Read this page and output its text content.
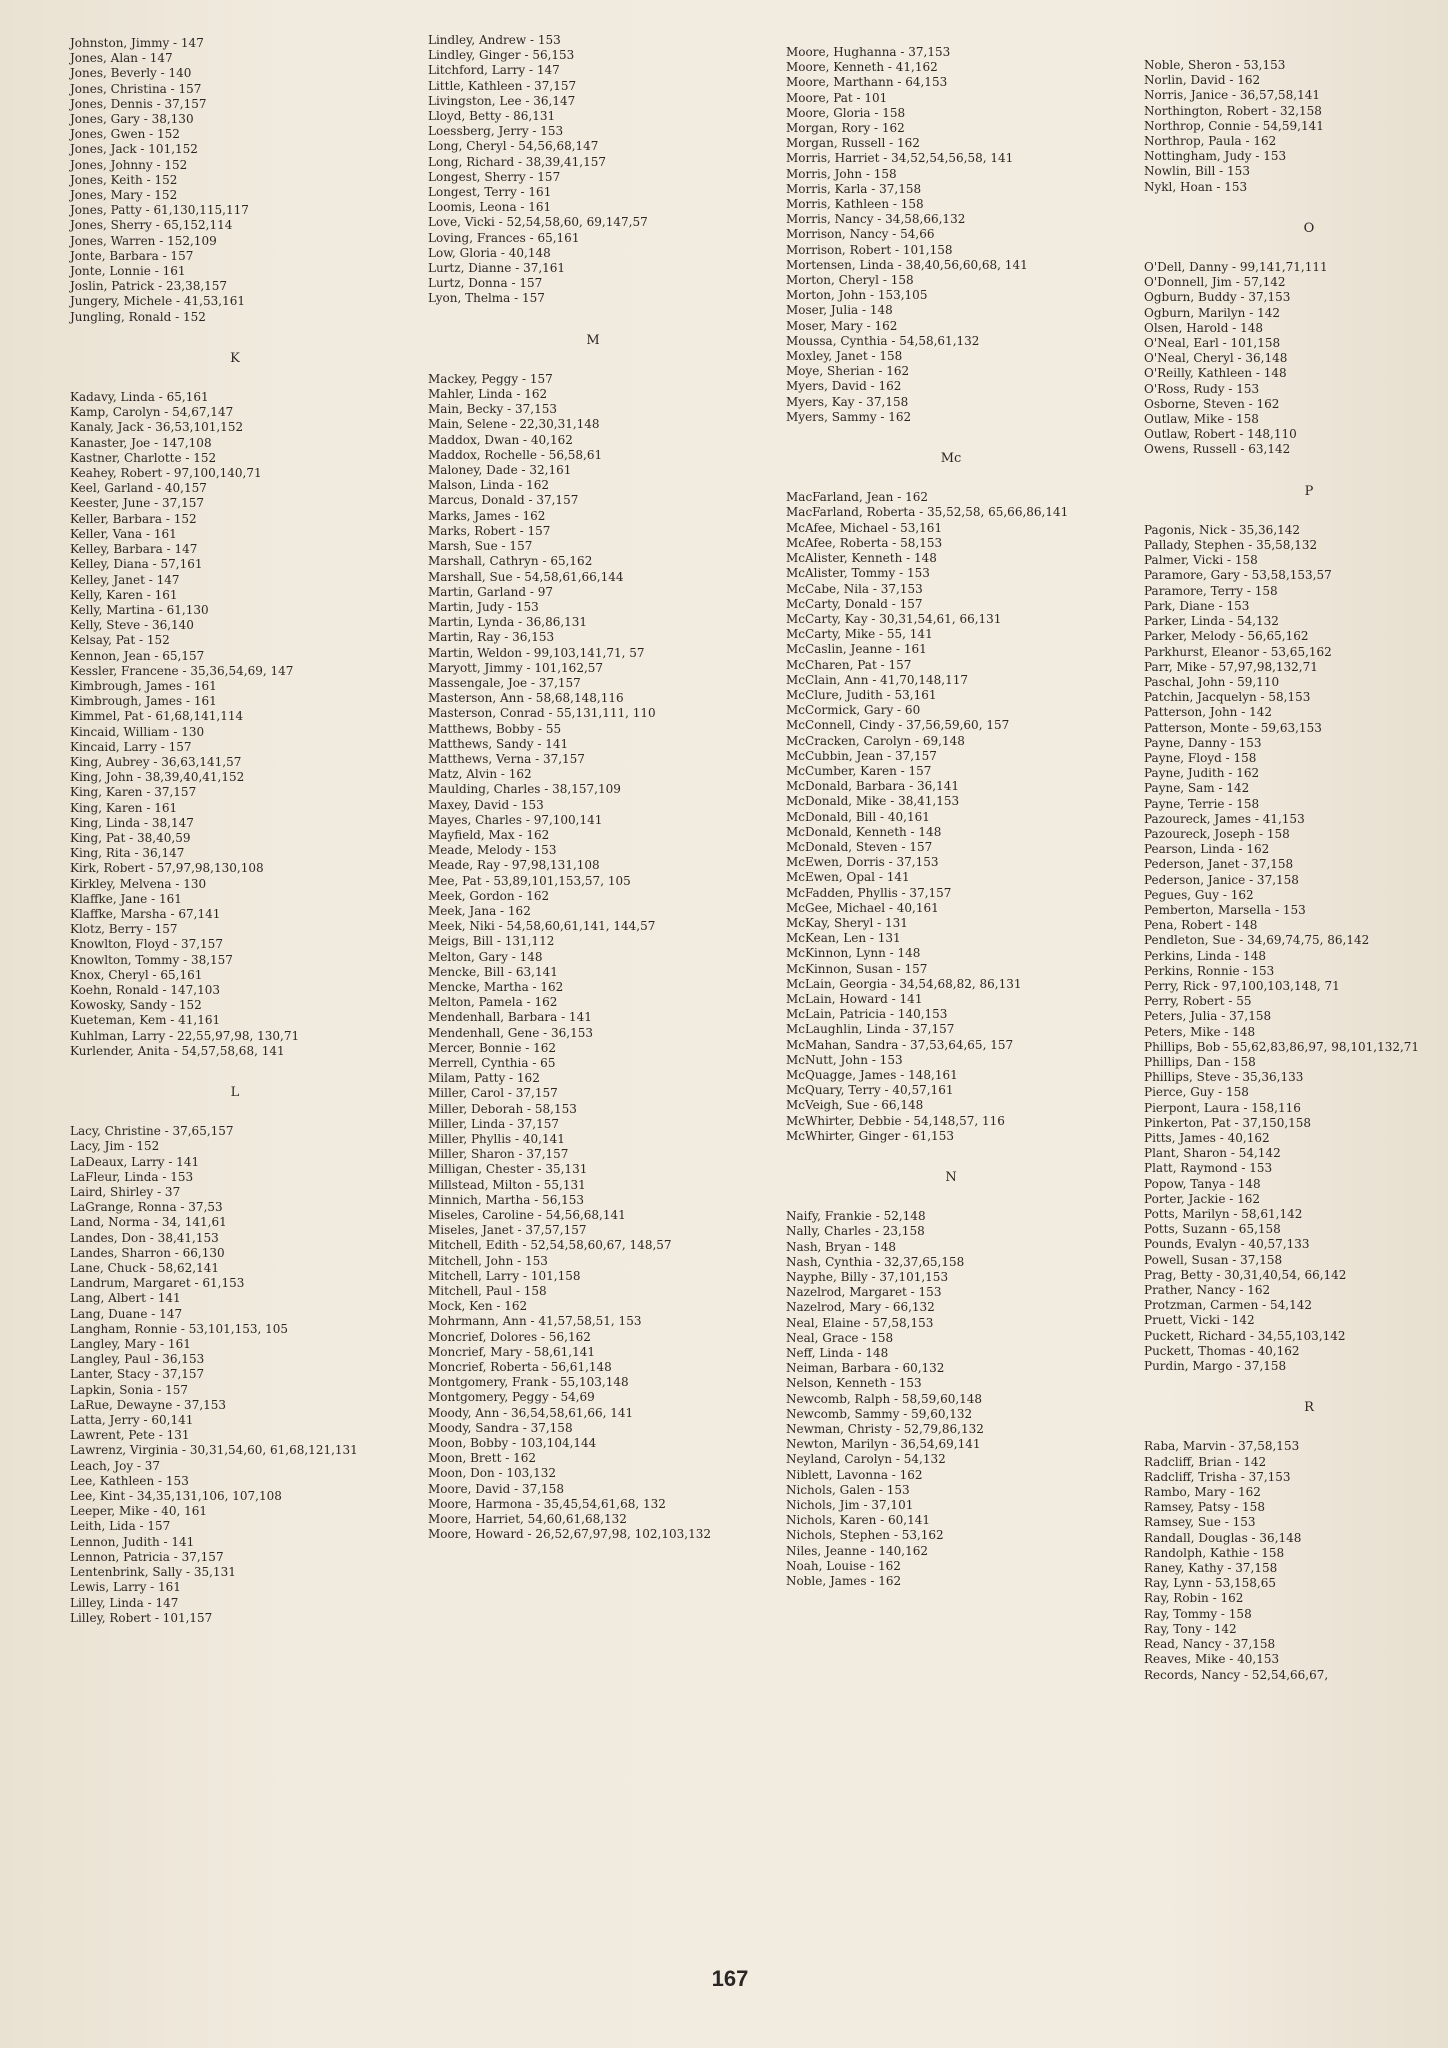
Johnston, Jimmy - 147
Jones, Alan - 147
Jones, Beverly - 140
Jones, Christina - 157
Jones, Dennis - 37,157
Jones, Gary - 38,130
Jones, Gwen - 152
Jones, Jack - 101,152
Jones, Johnny - 152
Jones, Keith - 152
Jones, Mary - 152
Jones, Patty - 61,130,115,117
Jones, Sherry - 65,152,114
Jones, Warren - 152,109
Jonte, Barbara - 157
Jonte, Lonnie - 161
Joslin, Patrick - 23,38,157
Jungery, Michele - 41,53,161
Jungling, Ronald - 152
K
Kadavy, Linda - 65,161
Kamp, Carolyn - 54,67,147
Kanaly, Jack - 36,53,101,152
Kanaster, Joe - 147,108
Kastner, Charlotte - 152
Keahey, Robert - 97,100,140,71
Keel, Garland - 40,157
Keester, June - 37,157
Keller, Barbara - 152
Keller, Vana - 161
Kelley, Barbara - 147
Kelley, Diana - 57,161
Kelley, Janet - 147
Kelly, Karen - 161
Kelly, Martina - 61,130
Kelly, Steve - 36,140
Kelsay, Pat - 152
Kennon, Jean - 65,157
Kessler, Francene - 35,36,54,69, 147
Kimbrough, James - 161
Kimbrough, James - 161
Kimmel, Pat - 61,68,141,114
Kincaid, William - 130
Kincaid, Larry - 157
King, Aubrey - 36,63,141,57
King, John - 38,39,40,41,152
King, Karen - 37,157
King, Karen - 161
King, Linda - 38,147
King, Pat - 38,40,59
King, Rita - 36,147
Kirk, Robert - 57,97,98,130,108
Kirkley, Melvena - 130
Klaffke, Jane - 161
Klaffke, Marsha - 67,141
Klotz, Berry - 157
Knowlton, Floyd - 37,157
Knowlton, Tommy - 38,157
Knox, Cheryl - 65,161
Koehn, Ronald - 147,103
Kowosky, Sandy - 152
Kueteman, Kem - 41,161
Kuhlman, Larry - 22,55,97,98, 130,71
Kurlender, Anita - 54,57,58,68, 141
L
Lacy, Christine - 37,65,157
Lacy, Jim - 152
LaDeaux, Larry - 141
LaFleur, Linda - 153
Laird, Shirley - 37
LaGrange, Ronna - 37,53
Land, Norma - 34, 141,61
Landes, Don - 38,41,153
Landes, Sharron - 66,130
Lane, Chuck - 58,62,141
Landrum, Margaret - 61,153
Lang, Albert - 141
Lang, Duane - 147
Langham, Ronnie - 53,101,153, 105
Langley, Mary - 161
Langley, Paul - 36,153
Lanter, Stacy - 37,157
Lapkin, Sonia - 157
LaRue, Dewayne - 37,153
Latta, Jerry - 60,141
Lawrent, Pete - 131
Lawrenz, Virginia - 30,31,54,60, 61,68,121,131
Leach, Joy - 37
Lee, Kathleen - 153
Lee, Kint - 34,35,131,106, 107,108
Leeper, Mike - 40, 161
Leith, Lida - 157
Lennon, Judith - 141
Lennon, Patricia - 37,157
Lentenbrink, Sally - 35,131
Lewis, Larry - 161
Lilley, Linda - 147
Lilley, Robert - 101,157
Lindley, Andrew - 153
Lindley, Ginger - 56,153
Litchford, Larry - 147
Little, Kathleen - 37,157
Livingston, Lee - 36,147
Lloyd, Betty - 86,131
Loessberg, Jerry - 153
Long, Cheryl - 54,56,68,147
Long, Richard - 38,39,41,157
Longest, Sherry - 157
Longest, Terry - 161
Loomis, Leona - 161
Love, Vicki - 52,54,58,60, 69,147,57
Loving, Frances - 65,161
Low, Gloria - 40,148
Lurtz, Dianne - 37,161
Lurtz, Donna - 157
Lyon, Thelma - 157
M
Mackey, Peggy - 157
Mahler, Linda - 162
Main, Becky - 37,153
Main, Selene - 22,30,31,148
Maddox, Dwan - 40,162
Maddox, Rochelle - 56,58,61
Maloney, Dade - 32,161
Malson, Linda - 162
Marcus, Donald - 37,157
Marks, James - 162
Marks, Robert - 157
Marsh, Sue - 157
Marshall, Cathryn - 65,162
Marshall, Sue - 54,58,61,66,144
Martin, Garland - 97
Martin, Judy - 153
Martin, Lynda - 36,86,131
Martin, Ray - 36,153
Martin, Weldon - 99,103,141,71, 57
Maryott, Jimmy - 101,162,57
Massengale, Joe - 37,157
Masterson, Ann - 58,68,148,116
Masterson, Conrad - 55,131,111, 110
Matthews, Bobby - 55
Matthews, Sandy - 141
Matthews, Verna - 37,157
Matz, Alvin - 162
Maulding, Charles - 38,157,109
Maxey, David - 153
Mayes, Charles - 97,100,141
Mayfield, Max - 162
Meade, Melody - 153
Meade, Ray - 97,98,131,108
Mee, Pat - 53,89,101,153,57, 105
Meek, Gordon - 162
Meek, Jana - 162
Meek, Niki - 54,58,60,61,141, 144,57
Meigs, Bill - 131,112
Melton, Gary - 148
Mencke, Bill - 63,141
Mencke, Martha - 162
Melton, Pamela - 162
Mendenhall, Barbara - 141
Mendenhall, Gene - 36,153
Mercer, Bonnie - 162
Merrell, Cynthia - 65
Milam, Patty - 162
Miller, Carol - 37,157
Miller, Deborah - 58,153
Miller, Linda - 37,157
Miller, Phyllis - 40,141
Miller, Sharon - 37,157
Milligan, Chester - 35,131
Millstead, Milton - 55,131
Minnich, Martha - 56,153
Miseles, Caroline - 54,56,68,141
Miseles, Janet - 37,57,157
Mitchell, Edith - 52,54,58,60,67, 148,57
Mitchell, John - 153
Mitchell, Larry - 101,158
Mitchell, Paul - 158
Mock, Ken - 162
Mohrmann, Ann - 41,57,58,51, 153
Moncrief, Dolores - 56,162
Moncrief, Mary - 58,61,141
Moncrief, Roberta - 56,61,148
Montgomery, Frank - 55,103,148
Montgomery, Peggy - 54,69
Moody, Ann - 36,54,58,61,66, 141
Moody, Sandra - 37,158
Moon, Bobby - 103,104,144
Moon, Brett - 162
Moon, Don - 103,132
Moore, David - 37,158
Moore, Harmona - 35,45,54,61,68, 132
Moore, Harriet, 54,60,61,68,132
Moore, Howard - 26,52,67,97,98, 102,103,132
Moore, Hughanna - 37,153
Moore, Kenneth - 41,162
Moore, Marthann - 64,153
Moore, Pat - 101
Moore, Gloria - 158
Morgan, Rory - 162
Morgan, Russell - 162
Morris, Harriet - 34,52,54,56,58, 141
Morris, John - 158
Morris, Karla - 37,158
Morris, Kathleen - 158
Morris, Nancy - 34,58,66,132
Morrison, Nancy - 54,66
Morrison, Robert - 101,158
Mortensen, Linda - 38,40,56,60,68, 141
Morton, Cheryl - 158
Morton, John - 153,105
Moser, Julia - 148
Moser, Mary - 162
Moussa, Cynthia - 54,58,61,132
Moxley, Janet - 158
Moye, Sherian - 162
Myers, David - 162
Myers, Kay - 37,158
Myers, Sammy - 162
Mc
MacFarland, Jean - 162
MacFarland, Roberta - 35,52,58, 65,66,86,141
McAfee, Michael - 53,161
McAfee, Roberta - 58,153
McAlister, Kenneth - 148
McAlister, Tommy - 153
McCabe, Nila - 37,153
McCarty, Donald - 157
McCarty, Kay - 30,31,54,61, 66,131
McCarty, Mike - 55, 141
McCaslin, Jeanne - 161
McCharen, Pat - 157
McClain, Ann - 41,70,148,117
McClure, Judith - 53,161
McCormick, Gary - 60
McConnell, Cindy - 37,56,59,60, 157
McCracken, Carolyn - 69,148
McCubbin, Jean - 37,157
McCumber, Karen - 157
McDonald, Barbara - 36,141
McDonald, Mike - 38,41,153
McDonald, Bill - 40,161
McDonald, Kenneth - 148
McDonald, Steven - 157
McEwen, Dorris - 37,153
McEwen, Opal - 141
McFadden, Phyllis - 37,157
McGee, Michael - 40,161
McKay, Sheryl - 131
McKean, Len - 131
McKinnon, Lynn - 148
McKinnon, Susan - 157
McLain, Georgia - 34,54,68,82, 86,131
McLain, Howard - 141
McLain, Patricia - 140,153
McLaughlin, Linda - 37,157
McMahan, Sandra - 37,53,64,65, 157
McNutt, John - 153
McQuagge, James - 148,161
McQuary, Terry - 40,57,161
McVeigh, Sue - 66,148
McWhirter, Debbie - 54,148,57, 116
McWhirter, Ginger - 61,153
N
Naify, Frankie - 52,148
Nally, Charles - 23,158
Nash, Bryan - 148
Nash, Cynthia - 32,37,65,158
Nayphe, Billy - 37,101,153
Nazelrod, Margaret - 153
Nazelrod, Mary - 66,132
Neal, Elaine - 57,58,153
Neal, Grace - 158
Neff, Linda - 148
Neiman, Barbara - 60,132
Nelson, Kenneth - 153
Newcomb, Ralph - 58,59,60,148
Newcomb, Sammy - 59,60,132
Newman, Christy - 52,79,86,132
Newton, Marilyn - 36,54,69,141
Neyland, Carolyn - 54,132
Niblett, Lavonna - 162
Nichols, Galen - 153
Nichols, Jim - 37,101
Nichols, Karen - 60,141
Nichols, Stephen - 53,162
Niles, Jeanne - 140,162
Noah, Louise - 162
Noble, James - 162
Noble, Sheron - 53,153
Norlin, David - 162
Norris, Janice - 36,57,58,141
Northington, Robert - 32,158
Northrop, Connie - 54,59,141
Northrop, Paula - 162
Nottingham, Judy - 153
Nowlin, Bill - 153
Nykl, Hoan - 153
O
O'Dell, Danny - 99,141,71,111
O'Donnell, Jim - 57,142
Ogburn, Buddy - 37,153
Ogburn, Marilyn - 142
Olsen, Harold - 148
O'Neal, Earl - 101,158
O'Neal, Cheryl - 36,148
O'Reilly, Kathleen - 148
O'Ross, Rudy - 153
Osborne, Steven - 162
Outlaw, Mike - 158
Outlaw, Robert - 148,110
Owens, Russell - 63,142
P
Pagonis, Nick - 35,36,142
Pallady, Stephen - 35,58,132
Palmer, Vicki - 158
Paramore, Gary - 53,58,153,57
Paramore, Terry - 158
Park, Diane - 153
Parker, Linda - 54,132
Parker, Melody - 56,65,162
Parkhurst, Eleanor - 53,65,162
Parr, Mike - 57,97,98,132,71
Paschal, John - 59,110
Patchin, Jacquelyn - 58,153
Patterson, John - 142
Patterson, Monte - 59,63,153
Payne, Danny - 153
Payne, Floyd - 158
Payne, Judith - 162
Payne, Sam - 142
Payne, Terrie - 158
Pazoureck, James - 41,153
Pazoureck, Joseph - 158
Pearson, Linda - 162
Pederson, Janet - 37,158
Pederson, Janice - 37,158
Pegues, Guy - 162
Pemberton, Marsella - 153
Pena, Robert - 148
Pendleton, Sue - 34,69,74,75, 86,142
Perkins, Linda - 148
Perkins, Ronnie - 153
Perry, Rick - 97,100,103,148, 71
Perry, Robert - 55
Peters, Julia - 37,158
Peters, Mike - 148
Phillips, Bob - 55,62,83,86,97, 98,101,132,71
Phillips, Dan - 158
Phillips, Steve - 35,36,133
Pierce, Guy - 158
Pierpont, Laura - 158,116
Pinkerton, Pat - 37,150,158
Pitts, James - 40,162
Plant, Sharon - 54,142
Platt, Raymond - 153
Popow, Tanya - 148
Porter, Jackie - 162
Potts, Marilyn - 58,61,142
Potts, Suzann - 65,158
Pounds, Evalyn - 40,57,133
Powell, Susan - 37,158
Prag, Betty - 30,31,40,54, 66,142
Prather, Nancy - 162
Protzman, Carmen - 54,142
Pruett, Vicki - 142
Puckett, Richard - 34,55,103,142
Puckett, Thomas - 40,162
Purdin, Margo - 37,158
R
Raba, Marvin - 37,58,153
Radcliff, Brian - 142
Radcliff, Trisha - 37,153
Rambo, Mary - 162
Ramsey, Patsy - 158
Ramsey, Sue - 153
Randall, Douglas - 36,148
Randolph, Kathie - 158
Raney, Kathy - 37,158
Ray, Lynn - 53,158,65
Ray, Robin - 162
Ray, Tommy - 158
Ray, Tony - 142
Read, Nancy - 37,158
Reaves, Mike - 40,153
Records, Nancy - 52,54,66,67,
167
